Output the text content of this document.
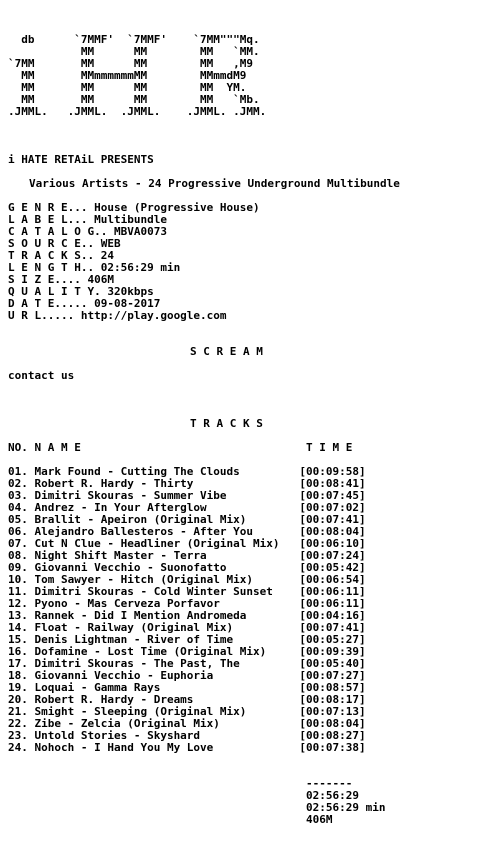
db      `7MMF'  `7MMF'    `7MM"""Mq.
MM      MM        MM   `MM.
`7MM       MM      MM        MM   ,M9
MM       MMmmmmmmMM        MMmmdM9
MM       MM      MM        MM  YM.
MM       MM      MM        MM   `Mb.
.JMML.   .JMML.  .JMML.    .JMML. .JMM.
i HATE RETAiL PRESENTS
Various Artists - 24 Progressive Underground Multibundle
G E N R E... House (Progressive House)
L A B E L... Multibundle
C A T A L O G.. MBVA0073
S O U R C E.. WEB
T R A C K S.. 24
L E N G T H.. 02:56:29 min
S I Z E.... 406M
Q U A L I T Y. 320kbps
D A T E..... 09-08-2017
U R L..... http://play.google.com
S C R E A M
contact us
T R A C K S
NO. N A M E                                  T I M E
01. Mark Found - Cutting The Clouds         [00:09:58]
02. Robert R. Hardy - Thirty                [00:08:41]
03. Dimitri Skouras - Summer Vibe           [00:07:45]
04. Andrez - In Your Afterglow              [00:07:02]
05. Brallit - Apeiron (Original Mix)        [00:07:41]
06. Alejandro Ballesteros - After You       [00:08:04]
07. Cut N Clue - Headliner (Original Mix)   [00:06:10]
08. Night Shift Master - Terra              [00:07:24]
09. Giovanni Vecchio - Suonofatto           [00:05:42]
10. Tom Sawyer - Hitch (Original Mix)       [00:06:54]
11. Dimitri Skouras - Cold Winter Sunset    [00:06:11]
12. Pyono - Mas Cerveza Porfavor            [00:06:11]
13. Rannek - Did I Mention Andromeda        [00:04:16]
14. Float - Railway (Original Mix)          [00:07:41]
15. Denis Lightman - River of Time          [00:05:27]
16. Dofamine - Lost Time (Original Mix)     [00:09:39]
17. Dimitri Skouras - The Past, The         [00:05:40]
18. Giovanni Vecchio - Euphoria             [00:07:27]
19. Loquai - Gamma Rays                     [00:08:57]
20. Robert R. Hardy - Dreams                [00:08:17]
21. Smight - Sleeping (Original Mix)        [00:07:13]
22. Zibe - Zelcia (Original Mix)            [00:08:04]
23. Untold Stories - Skyshard               [00:08:27]
24. Nohoch - I Hand You My Love             [00:07:38]
-------
02:56:29
02:56:29 min
406M
